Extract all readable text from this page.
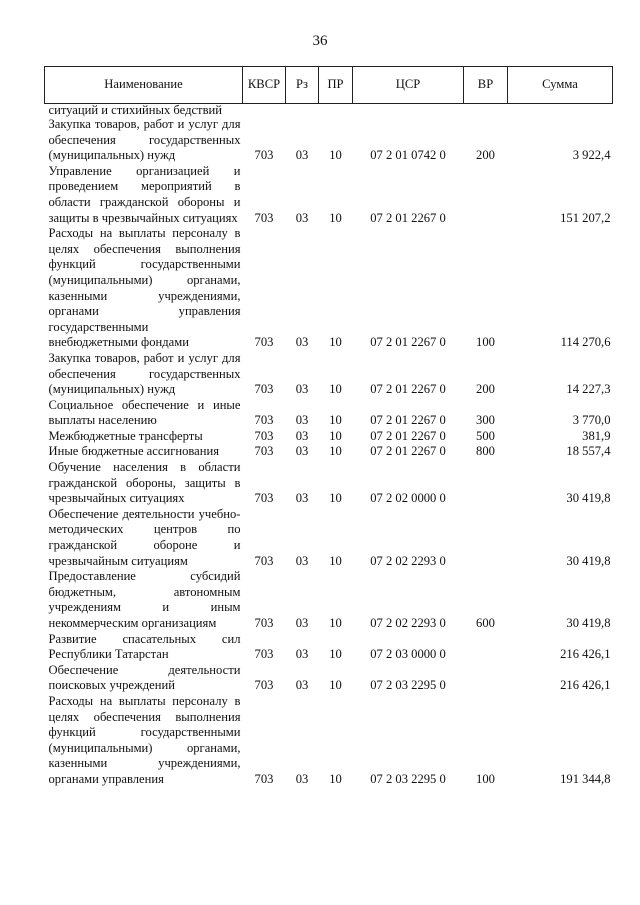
36
Наименование	КВСР	Рз	ПР	ЦСР	ВР	Сумма
ситуаций и стихийных бедствий						
Закупка товаров, работ и услуг для обеспечения государственных (муниципальных) нужд	703	03	10	07 2 01 0742 0	200	3 922,4
Управление организацией и проведением мероприятий в области гражданской обороны и защиты в чрезвычайных ситуациях	703	03	10	07 2 01 2267 0		151 207,2
Расходы на выплаты персоналу в целях обеспечения выполнения функций государственными (муниципальными) органами, казенными учреждениями, органами управления государственными внебюджетными фондами	703	03	10	07 2 01 2267 0	100	114 270,6
Закупка товаров, работ и услуг для обеспечения государственных (муниципальных) нужд	703	03	10	07 2 01 2267 0	200	14 227,3
Социальное обеспечение и иные выплаты населению	703	03	10	07 2 01 2267 0	300	3 770,0
Межбюджетные трансферты	703	03	10	07 2 01 2267 0	500	381,9
Иные бюджетные ассигнования	703	03	10	07 2 01 2267 0	800	18 557,4
Обучение населения в области гражданской обороны, защиты в чрезвычайных ситуациях	703	03	10	07 2 02 0000 0		30 419,8
Обеспечение деятельности учебно-методических центров по гражданской обороне и чрезвычайным ситуациям	703	03	10	07 2 02 2293 0		30 419,8
Предоставление субсидий бюджетным, автономным учреждениям и иным некоммерческим организациям	703	03	10	07 2 02 2293 0	600	30 419,8
Развитие спасательных сил Республики Татарстан	703	03	10	07 2 03 0000 0		216 426,1
Обеспечение деятельности поисковых учреждений	703	03	10	07 2 03 2295 0		216 426,1
Расходы на выплаты персоналу в целях обеспечения выполнения функций государственными (муниципальными) органами, казенными учреждениями, органами управления	703	03	10	07 2 03 2295 0	100	191 344,8
